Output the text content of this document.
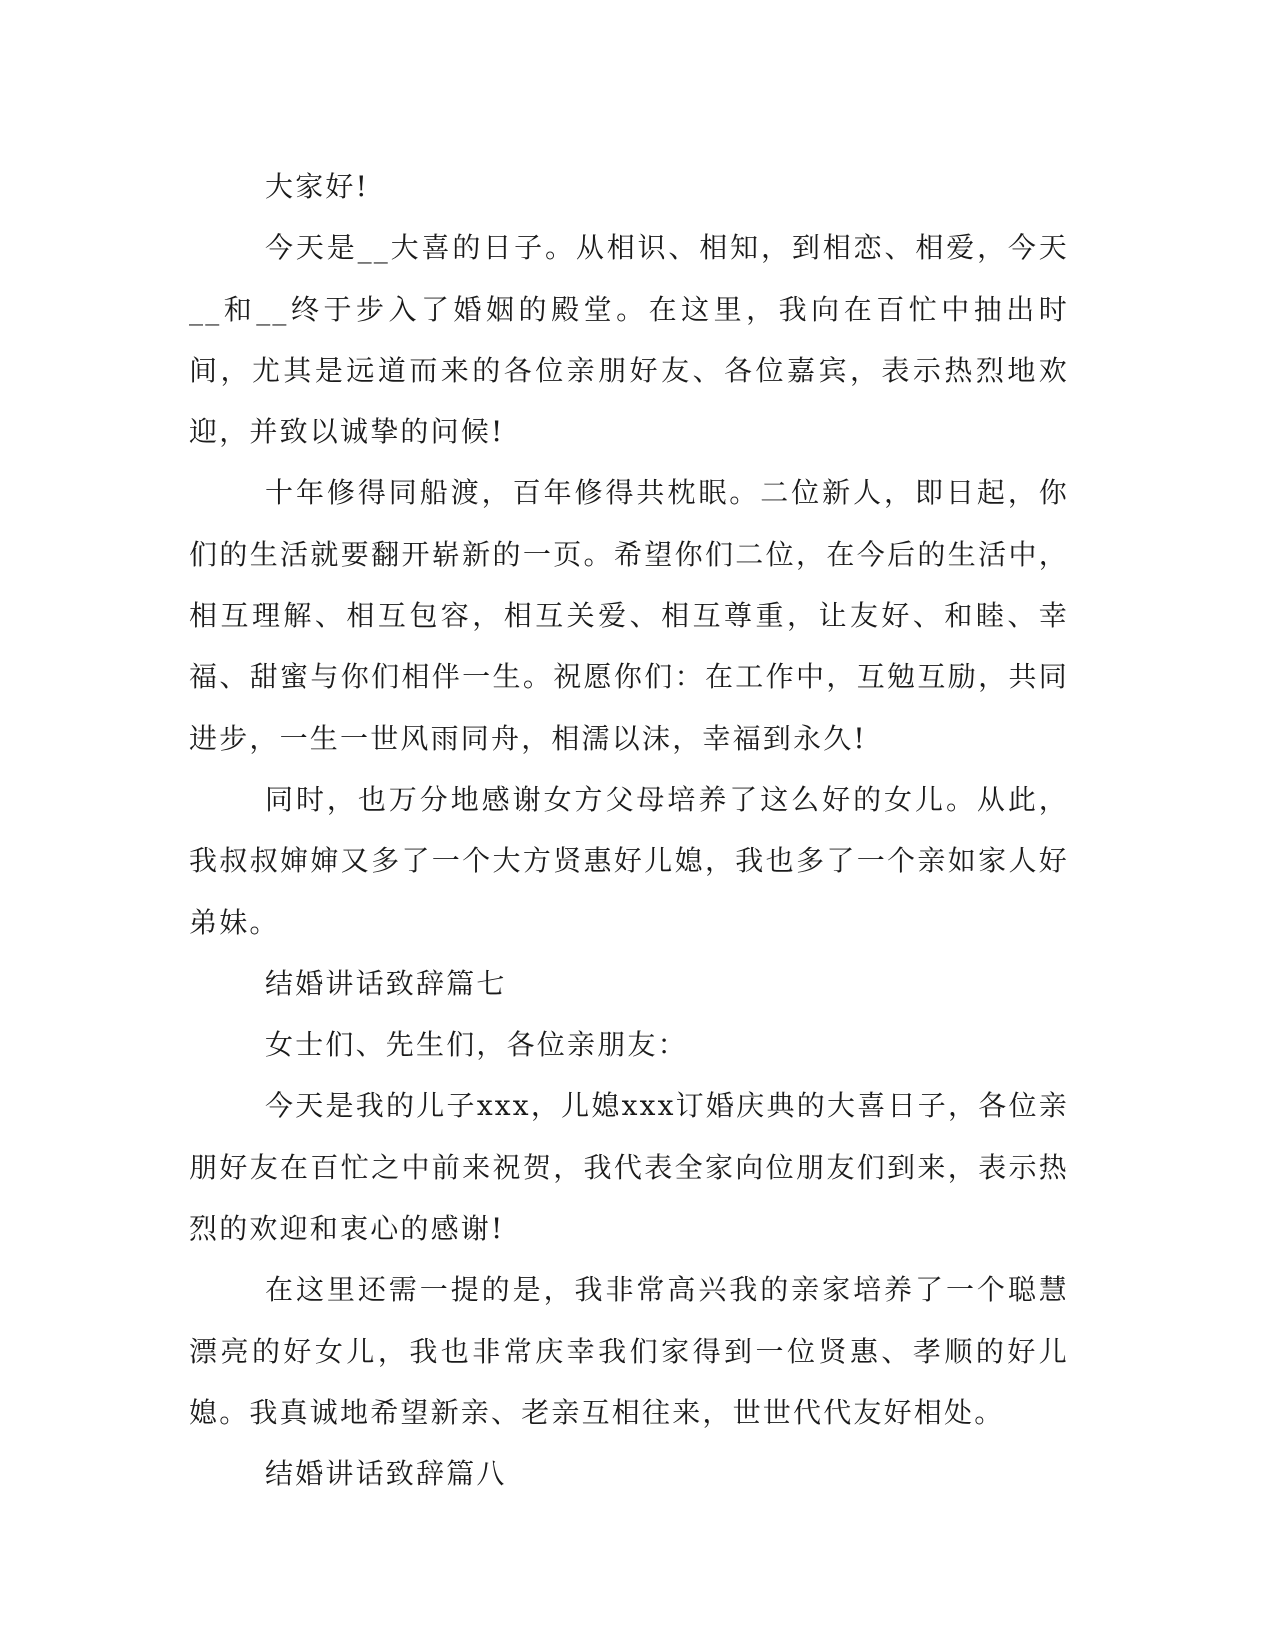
大家好!

今天是__大喜的日子。从相识、相知，到相恋、相爱，今天__和__终于步入了婚姻的殿堂。在这里，我向在百忙中抽出时间，尤其是远道而来的各位亲朋好友、各位嘉宾，表示热烈地欢迎，并致以诚挚的问候!

十年修得同船渡，百年修得共枕眠。二位新人，即日起，你们的生活就要翻开崭新的一页。希望你们二位，在今后的生活中，相互理解、相互包容，相互关爱、相互尊重，让友好、和睦、幸福、甜蜜与你们相伴一生。祝愿你们：在工作中，互勉互励，共同进步，一生一世风雨同舟，相濡以沫，幸福到永久!

同时，也万分地感谢女方父母培养了这么好的女儿。从此，我叔叔婶婶又多了一个大方贤惠好儿媳，我也多了一个亲如家人好弟妹。

结婚讲话致辞篇七

女士们、先生们，各位亲朋友：

今天是我的儿子xxx，儿媳xxx订婚庆典的大喜日子，各位亲朋好友在百忙之中前来祝贺，我代表全家向位朋友们到来，表示热烈的欢迎和衷心的感谢!

在这里还需一提的是，我非常高兴我的亲家培养了一个聪慧漂亮的好女儿，我也非常庆幸我们家得到一位贤惠、孝顺的好儿媳。我真诚地希望新亲、老亲互相往来，世世代代友好相处。

结婚讲话致辞篇八
